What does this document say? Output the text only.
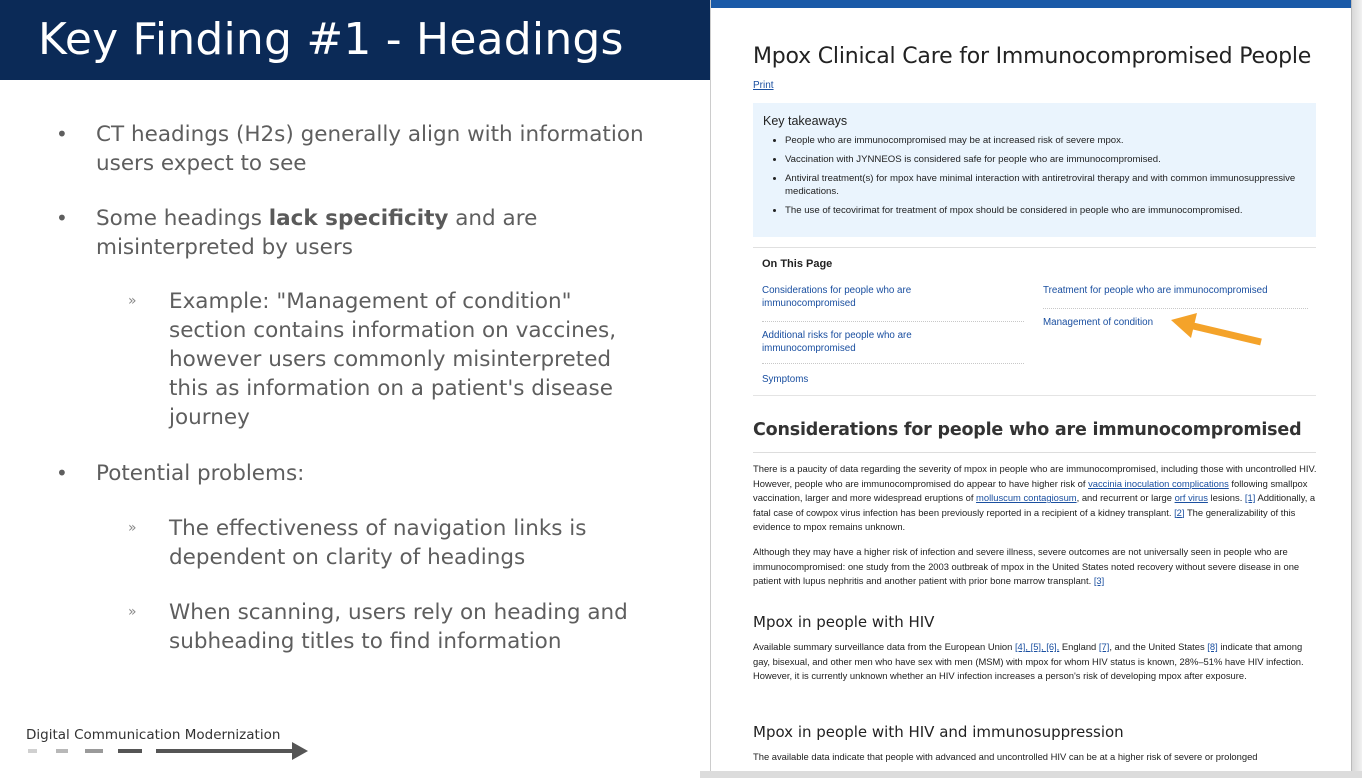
Key Finding #1 - Headings
• CT headings (H2s) generally align with information users expect to see
• Some headings lack specificity and are misinterpreted by users
» Example: "Management of condition" section contains information on vaccines, however users commonly misinterpreted this as information on a patient's disease journey
• Potential problems:
» The effectiveness of navigation links is dependent on clarity of headings
» When scanning, users rely on heading and subheading titles to find information
Digital Communication Modernization
Mpox Clinical Care for Immunocompromised People
Print
Key takeaways
• People who are immunocompromised may be at increased risk of severe mpox.
• Vaccination with JYNNEOS is considered safe for people who are immunocompromised.
• Antiviral treatment(s) for mpox have minimal interaction with antiretroviral therapy and with common immunosuppressive medications.
• The use of tecovirimat for treatment of mpox should be considered in people who are immunocompromised.
On This Page
Considerations for people who are immunocompromised
Treatment for people who are immunocompromised
Management of condition
Additional risks for people who are immunocompromised
Symptoms
Considerations for people who are immunocompromised

There is a paucity of data regarding the severity of mpox in people who are immunocompromised, including those with uncontrolled HIV. However, people who are immunocompromised do appear to have higher risk of vaccinia inoculation complications following smallpox vaccination, larger and more widespread eruptions of molluscum contagiosum, and recurrent or large orf virus lesions. [1] Additionally, a fatal case of cowpox virus infection has been previously reported in a recipient of a kidney transplant. [2] The generalizability of this evidence to mpox remains unknown.

Although they may have a higher risk of infection and severe illness, severe outcomes are not universally seen in people who are immunocompromised: one study from the 2003 outbreak of mpox in the United States noted recovery without severe disease in one patient with lupus nephritis and another patient with prior bone marrow transplant. [3]

Mpox in people with HIV

Available summary surveillance data from the European Union [4], [5], [6], England [7], and the United States [8] indicate that among gay, bisexual, and other men who have sex with men (MSM) with mpox for whom HIV status is known, 28%–51% have HIV infection. However, it is currently unknown whether an HIV infection increases a person's risk of developing mpox after exposure.

Mpox in people with HIV and immunosuppression

The available data indicate that people with advanced and uncontrolled HIV can be at a higher risk of severe or prolonged
